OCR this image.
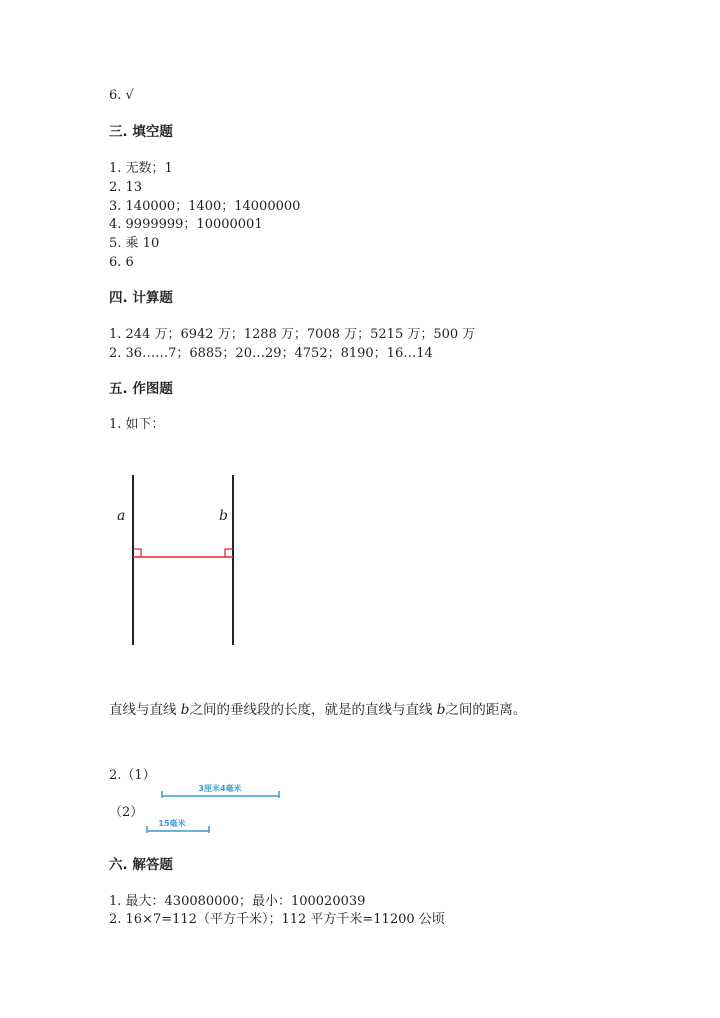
6. √
三. 填空题
1. 无数；1
2. 13
3. 140000；1400；14000000
4. 9999999；10000001
5. 乘 10
6. 6
四. 计算题
1. 244 万；6942 万；1288 万；7008 万；5215 万；500 万
2. 36……7；6885；20…29；4752；8190；16…14
五. 作图题
1. 如下：
a	b
3厘米4毫米
15毫米
直线与直线 b之间的垂线段的长度，就是的直线与直线 b之间的距离。
2.（1）
（2）
六. 解答题
1. 最大：430080000；最小：100020039
2. 16×7=112（平方千米）；112 平方千米=11200 公顷
